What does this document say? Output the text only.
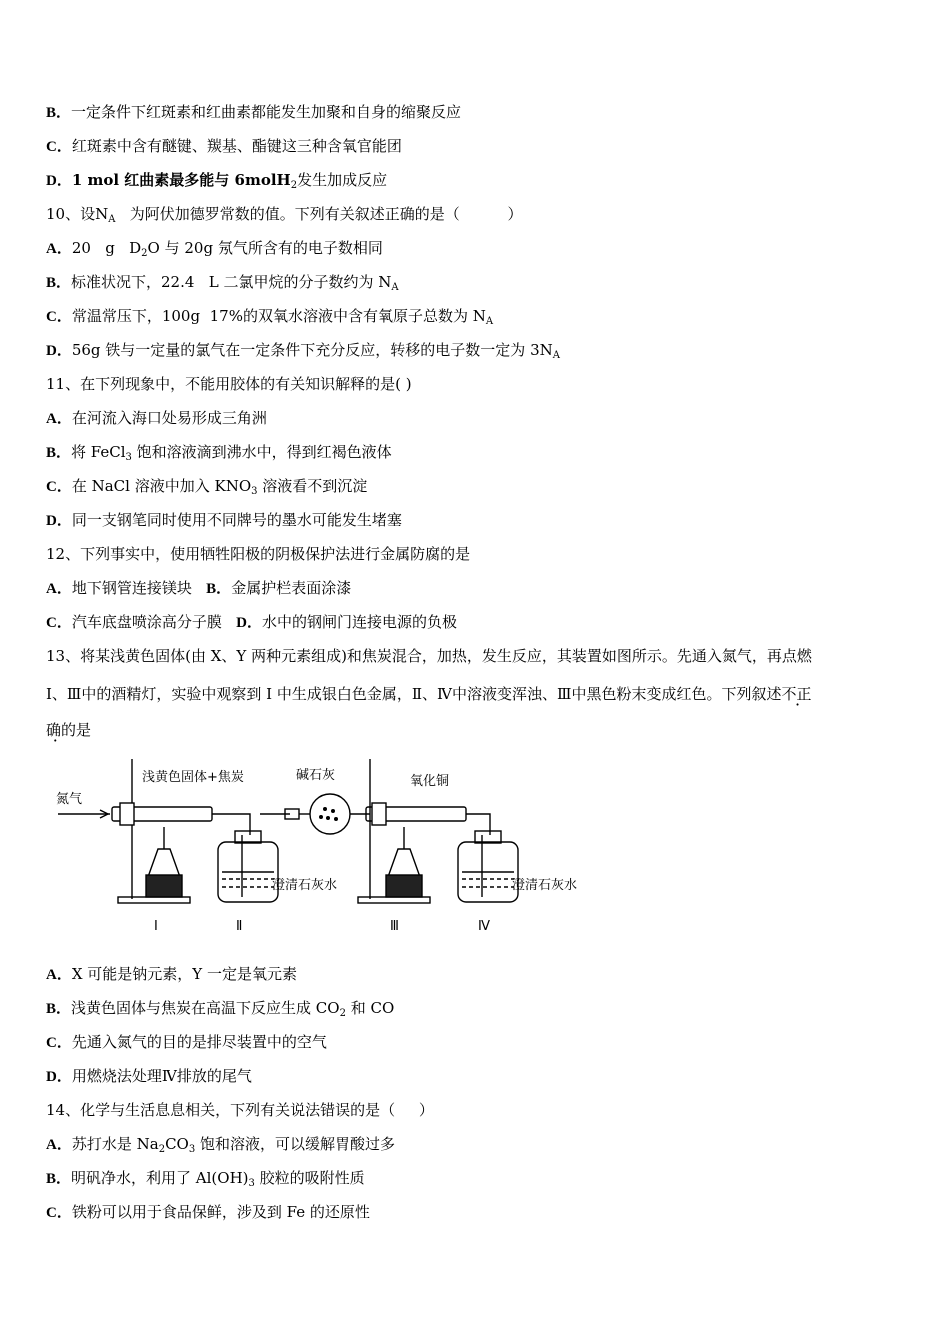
B．一定条件下红斑素和红曲素都能发生加聚和自身的缩聚反应
C．红斑素中含有醚键、羰基、酯键这三种含氧官能团
D．1 mol 红曲素最多能与 6molH$_2$发生加成反应
10、设$N_A$   为阿伏加德罗常数的值。下列有关叙述正确的是（          ）
A．20   g   $D_2O$ 与 20g 氖气所含有的电子数相同
B．标准状况下，22.4   L 二氯甲烷的分子数约为 $N_A$
C．常温常压下，100g  17%的双氧水溶液中含有氧原子总数为 $N_A$
D．56g 铁与一定量的氯气在一定条件下充分反应，转移的电子数一定为 $3N_A$
11、在下列现象中，不能用胶体的有关知识解释的是( )
A．在河流入海口处易形成三角洲
B．将 FeCl$_3$ 饱和溶液滴到沸水中，得到红褐色液体
C．在 NaCl 溶液中加入 $KNO_3$ 溶液看不到沉淀
D．同一支钢笔同时使用不同牌号的墨水可能发生堵塞
12、下列事实中，使用牺牲阳极的阴极保护法进行金属防腐的是
A．地下钢管连接镁块 B．金属护栏表面涂漆
C．汽车底盘喷涂高分子膜 D．水中的钢闸门连接电源的负极
13、将某浅黄色固体(由 X、Y 两种元素组成)和焦炭混合，加热，发生反应，其装置如图所示。先通入氮气，再点燃
I、Ⅲ中的酒精灯，实验中观察到 I 中生成银白色金属，Ⅱ、Ⅳ中溶液变浑浊、Ⅲ中黑色粉末变成红色。下列叙述不正
确的是
氮气
浅黄色固体+焦炭	碱石灰	氧化铜
澄清石灰水	澄清石灰水
Ⅰ	Ⅱ	Ⅲ	Ⅳ
A．X 可能是钠元素，Y 一定是氧元素
B．浅黄色固体与焦炭在高温下反应生成 $CO_2$ 和 CO
C．先通入氮气的目的是排尽装置中的空气
D．用燃烧法处理Ⅳ排放的尾气
14、化学与生活息息相关，下列有关说法错误的是（     ）
A．苏打水是 $Na_2CO_3$ 饱和溶液，可以缓解胃酸过多
B．明矾净水，利用了 $Al(OH)_3$ 胶粒的吸附性质
C．铁粉可以用于食品保鲜，涉及到 Fe 的还原性
